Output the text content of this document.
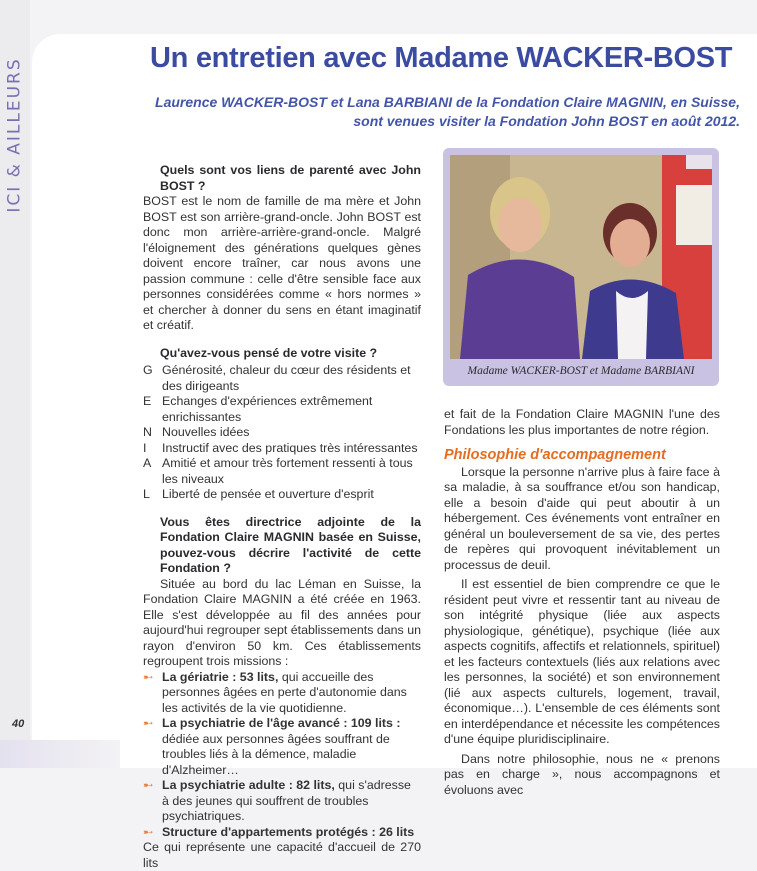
ICI & AILLEURS	Un entretien avec Madame WACKER-BOST
Laurence WACKER-BOST et Lana BARBIANI de la Fondation Claire MAGNIN, en Suisse,
sont venues visiter la Fondation John BOST en août 2012.

Quels sont vos liens de parenté avec John BOST ?

BOST est le nom de famille de ma mère et John BOST est son arrière-grand-oncle. John BOST est donc mon arrière-arrière-grand-oncle. Malgré l'éloignement des générations quelques gènes doivent encore traîner, car nous avons une passion commune : celle d'être sensible face aux personnes considérées comme « hors normes » et chercher à donner du sens en étant imaginatif et créatif.

Qu'avez-vous pensé de votre visite ?

G Générosité, chaleur du cœur des résidents et des dirigeants
E Echanges d'expériences extrêmement enrichissantes
N Nouvelles idées
I	Instructif avec des pratiques très intéressantes
A Amitié et amour très fortement ressenti à tous les niveaux
L Liberté de pensée et ouverture d'esprit

Vous êtes directrice adjointe de la Fondation Claire MAGNIN basée en Suisse, pouvez-vous décrire l'activité de cette Fondation ?

Située au bord du lac Léman en Suisse, la Fondation Claire MAGNIN a été créée en 1963. Elle s'est développée au fil des années pour aujourd'hui regrouper sept établissements dans un rayon d'environ 50 km. Ces établissements regroupent trois missions :

➸ La gériatrie : 53 lits, qui accueille des personnes âgées en perte d'autonomie dans les activités de la vie quotidienne.
➸ La psychiatrie de l'âge avancé : 109 lits : dédiée aux personnes âgées souffrant de troubles liés à la démence, maladie d'Alzheimer…
➸ La psychiatrie adulte : 82 lits, qui s'adresse à des jeunes qui souffrent de troubles psychiatriques.
➸ Structure d'appartements protégés : 26 lits

Ce qui représente une capacité d'accueil de 270 lits

Madame WACKER-BOST et Madame BARBIANI

et fait de la Fondation Claire MAGNIN l'une des Fondations les plus importantes de notre région.

Philosophie d'accompagnement

Lorsque la personne n'arrive plus à faire face à sa maladie, à sa souffrance et/ou son handicap, elle a besoin d'aide qui peut aboutir à un hébergement. Ces événements vont entraîner en général un bouleversement de sa vie, des pertes de repères qui provoquent inévitablement un processus de deuil.

Il est essentiel de bien comprendre ce que le résident peut vivre et ressentir tant au niveau de son intégrité physique (liée aux aspects physiologique, génétique), psychique (liée aux aspects cognitifs, affectifs et relationnels, spirituel) et les facteurs contextuels (liés aux relations avec les personnes, la société) et son environnement (lié aux aspects culturels, logement, travail, économique…). L'ensemble de ces éléments sont en interdépendance et nécessite les compétences d'une équipe pluridisciplinaire.

Dans notre philosophie, nous ne « prenons pas en charge », nous accompagnons et évoluons avec

40
